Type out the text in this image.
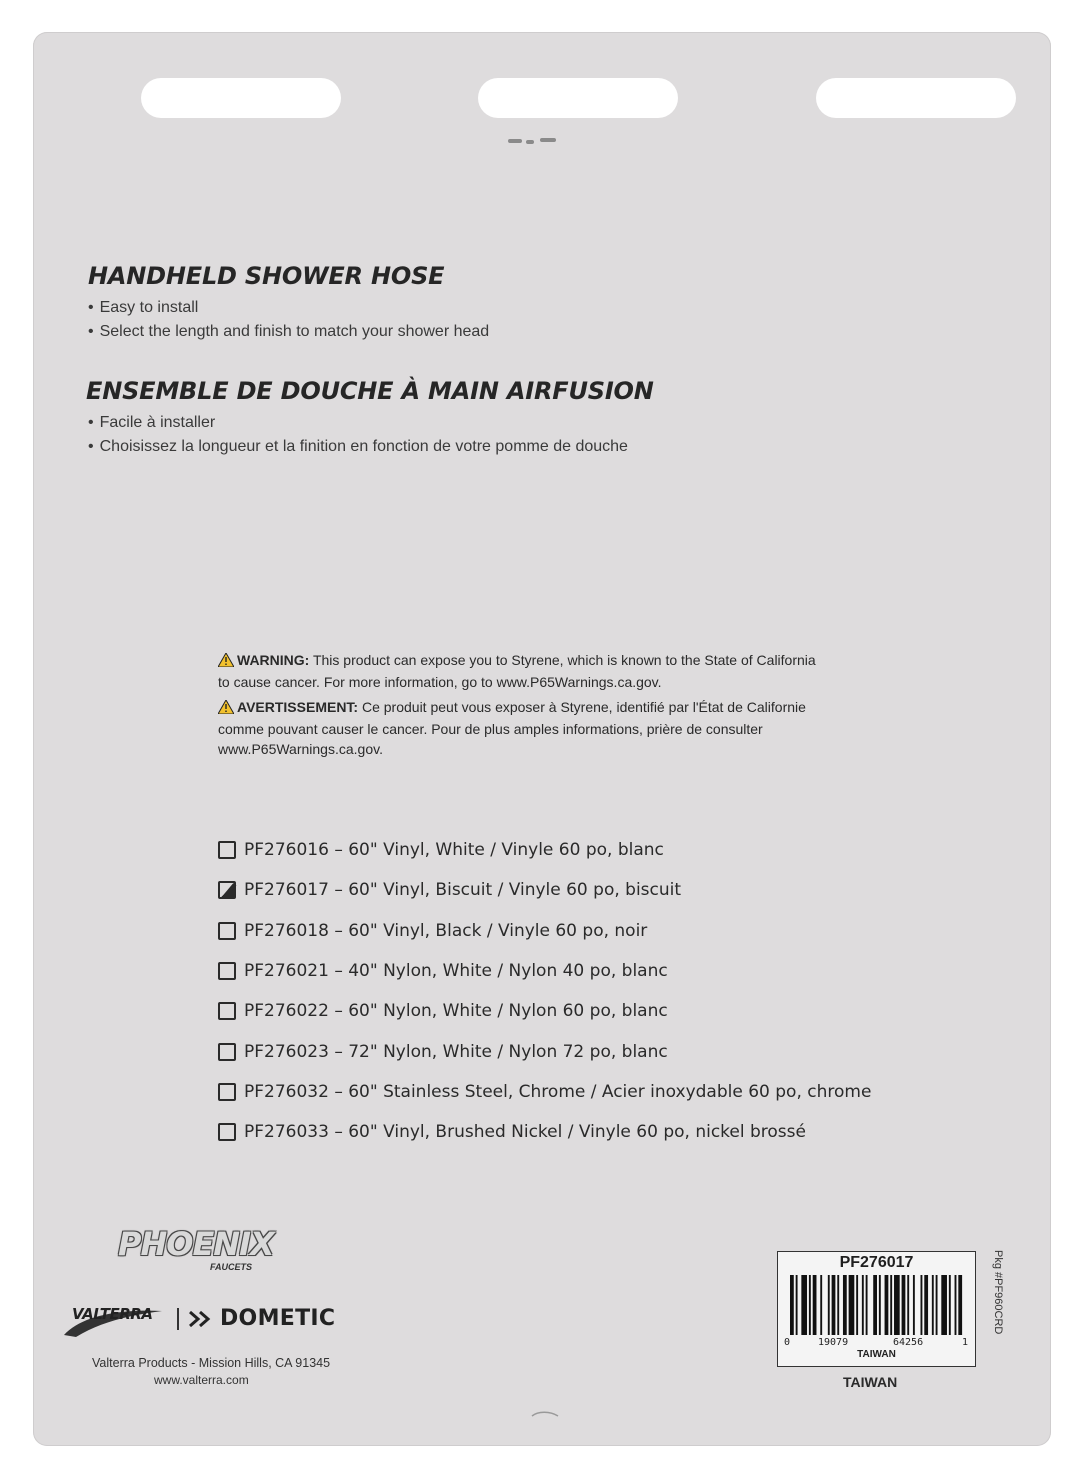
HANDHELD SHOWER HOSE
• Easy to install
• Select the length and finish to match your shower head
ENSEMBLE DE DOUCHE À MAIN AIRFUSION
• Facile à installer
• Choisissez la longueur et la finition en fonction de votre pomme de douche
WARNING: This product can expose you to Styrene, which is known to the State of California
to cause cancer. For more information, go to www.P65Warnings.ca.gov.
AVERTISSEMENT: Ce produit peut vous exposer à Styrene, identifié par l'État de Californie
comme pouvant causer le cancer. Pour de plus amples informations, prière de consulter
www.P65Warnings.ca.gov.
PF276016 – 60" Vinyl, White / Vinyle 60 po, blanc
PF276017 – 60" Vinyl, Biscuit / Vinyle 60 po, biscuit
PF276018 – 60" Vinyl, Black / Vinyle 60 po, noir
PF276021 – 40" Nylon, White / Nylon 40 po, blanc
PF276022 – 60" Nylon, White / Nylon 60 po, blanc
PF276023 – 72" Nylon, White / Nylon 72 po, blanc
PF276032 – 60" Stainless Steel, Chrome / Acier inoxydable 60 po, chrome
PF276033 – 60" Vinyl, Brushed Nickel / Vinyle 60 po, nickel brossé
PHOENIX
FAUCETS
VALTERRA	DOMETIC
Valterra Products - Mission Hills, CA 91345
www.valterra.com
PF276017
0	19079	64256	1
TAIWAN
Pkg #PF960CRD
TAIWAN
